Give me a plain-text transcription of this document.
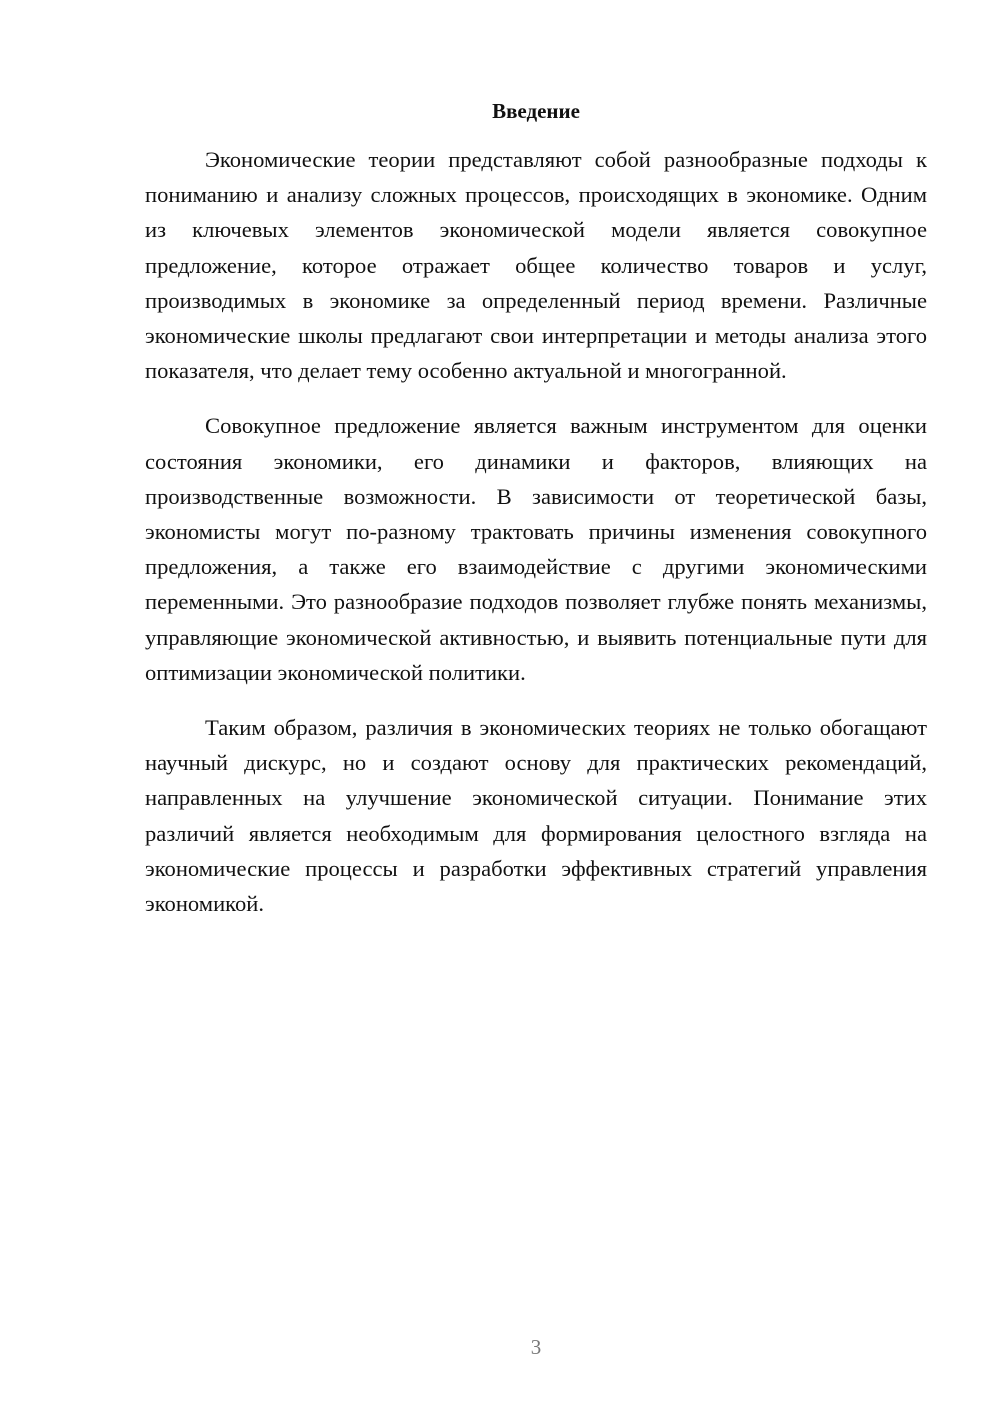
Введение

Экономические теории представляют собой разнообразные подходы к пониманию и анализу сложных процессов, происходящих в экономике. Одним из ключевых элементов экономической модели является совокупное предложение, которое отражает общее количество товаров и услуг, производимых в экономике за определенный период времени. Различные экономические школы предлагают свои интерпретации и методы анализа этого показателя, что делает тему особенно актуальной и многогранной.

Совокупное предложение является важным инструментом для оценки состояния экономики, его динамики и факторов, влияющих на производственные возможности. В зависимости от теоретической базы, экономисты могут по-разному трактовать причины изменения совокупного предложения, а также его взаимодействие с другими экономическими переменными. Это разнообразие подходов позволяет глубже понять механизмы, управляющие экономической активностью, и выявить потенциальные пути для оптимизации экономической политики.

Таким образом, различия в экономических теориях не только обогащают научный дискурс, но и создают основу для практических рекомендаций, направленных на улучшение экономической ситуации. Понимание этих различий является необходимым для формирования целостного взгляда на экономические процессы и разработки эффективных стратегий управления экономикой.

3
